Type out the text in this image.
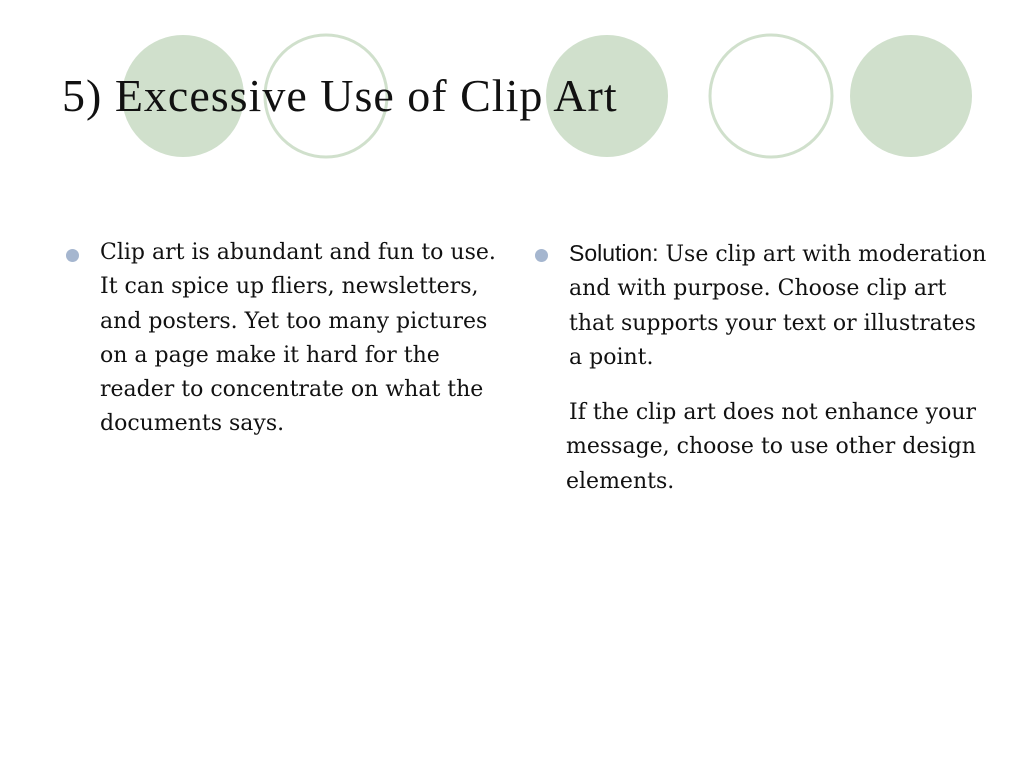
5) Excessive Use of Clip Art

Clip art is abundant and fun to use. It can spice up fliers, newsletters, and posters. Yet too many pictures on a page make it hard for the reader to concentrate on what the documents says.

Solution: Use clip art with moderation and with purpose. Choose clip art that supports your text or illustrates a point.

If the clip art does not enhance your message, choose to use other design elements.
